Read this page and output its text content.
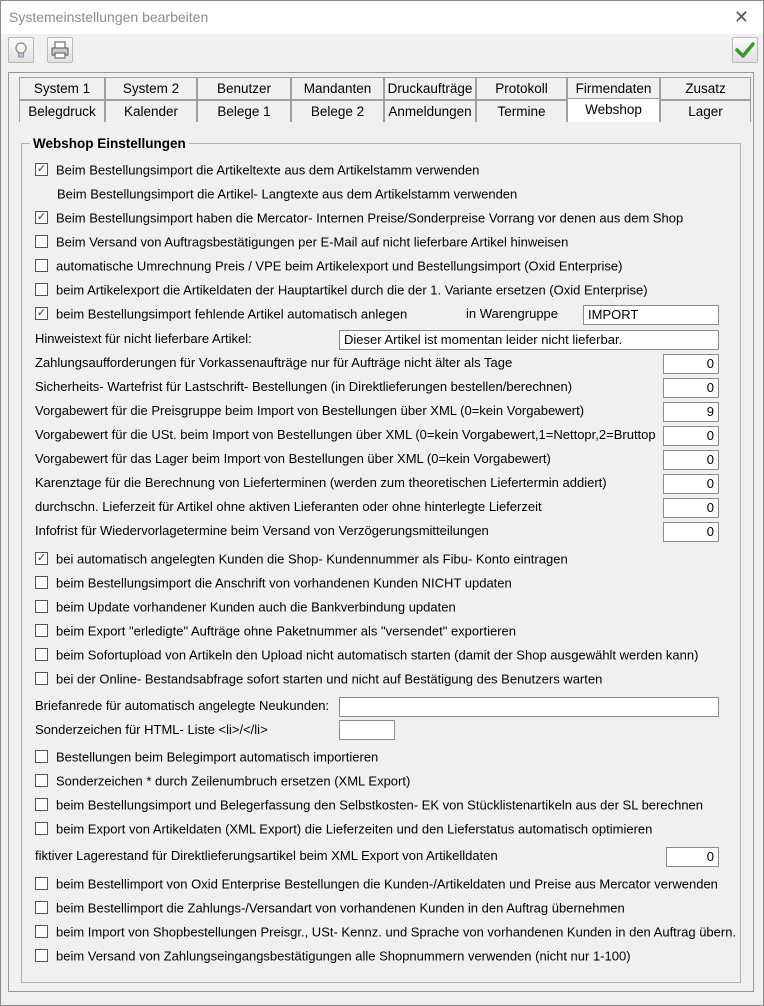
Systemeinstellungen bearbeiten	✕
System 1	System 2	Benutzer	Mandanten	Druckaufträge	Protokoll	Firmendaten	Zusatz
Belegdruck	Kalender	Belege 1	Belege 2	Anmeldungen	Termine	Webshop	Lager
Webshop Einstellungen
✓ Beim Bestellungsimport die Artikeltexte aus dem Artikelstamm verwenden
Beim Bestellungsimport die Artikel- Langtexte aus dem Artikelstamm verwenden
✓ Beim Bestellungsimport haben die Mercator- Internen Preise/Sonderpreise Vorrang vor denen aus dem Shop
Beim Versand von Auftragsbestätigungen per E-Mail auf nicht lieferbare Artikel hinweisen
automatische Umrechnung Preis / VPE beim Artikelexport und Bestellungsimport (Oxid Enterprise)
beim Artikelexport die Artikeldaten der Hauptartikel durch die der 1. Variante ersetzen (Oxid Enterprise)
✓ beim Bestellungsimport fehlende Artikel automatisch anlegen	in Warengruppe	IMPORT
Hinweistext für nicht lieferbare Artikel:	Dieser Artikel ist momentan leider nicht lieferbar.
Zahlungsaufforderungen für Vorkassenaufträge nur für Aufträge nicht älter als Tage	0
Sicherheits- Wartefrist für Lastschrift- Bestellungen (in Direktlieferungen bestellen/berechnen)	0
Vorgabewert für die Preisgruppe beim Import von Bestellungen über XML (0=kein Vorgabewert)	9
Vorgabewert für die USt. beim Import von Bestellungen über XML (0=kein Vorgabewert,1=Nettopr,2=Bruttop	0
Vorgabewert für das Lager beim Import von Bestellungen über XML (0=kein Vorgabewert)	0
Karenztage für die Berechnung von Lieferterminen (werden zum theoretischen Liefertermin addiert)	0
durchschn. Lieferzeit für Artikel ohne aktiven Lieferanten oder ohne hinterlegte Lieferzeit	0
Infofrist für Wiedervorlagetermine beim Versand von Verzögerungsmitteilungen	0
✓ bei automatisch angelegten Kunden die Shop- Kundennummer als Fibu- Konto eintragen
beim Bestellungsimport die Anschrift von vorhandenen Kunden NICHT updaten
beim Update vorhandener Kunden auch die Bankverbindung updaten
beim Export "erledigte" Aufträge ohne Paketnummer als "versendet" exportieren
beim Sofortupload von Artikeln den Upload nicht automatisch starten (damit der Shop ausgewählt werden kann)
bei der Online- Bestandsabfrage sofort starten und nicht auf Bestätigung des Benutzers warten
Briefanrede für automatisch angelegte Neukunden:
Sonderzeichen für HTML- Liste <li>/</li>
Bestellungen beim Belegimport automatisch importieren
Sonderzeichen * durch Zeilenumbruch ersetzen (XML Export)
beim Bestellungsimport und Belegerfassung den Selbstkosten- EK von Stücklistenartikeln aus der SL berechnen
beim Export von Artikeldaten (XML Export) die Lieferzeiten und den Lieferstatus automatisch optimieren
fiktiver Lagerestand für Direktlieferungsartikel beim XML Export von Artikelldaten	0
beim Bestellimport von Oxid Enterprise Bestellungen die Kunden-/Artikeldaten und Preise aus Mercator verwenden
beim Bestellimport die Zahlungs-/Versandart von vorhandenen Kunden in den Auftrag übernehmen
beim Import von Shopbestellungen Preisgr., USt- Kennz. und Sprache von vorhandenen Kunden in den Auftrag übern.
beim Versand von Zahlungseingangsbestätigungen alle Shopnummern verwenden (nicht nur 1-100)
